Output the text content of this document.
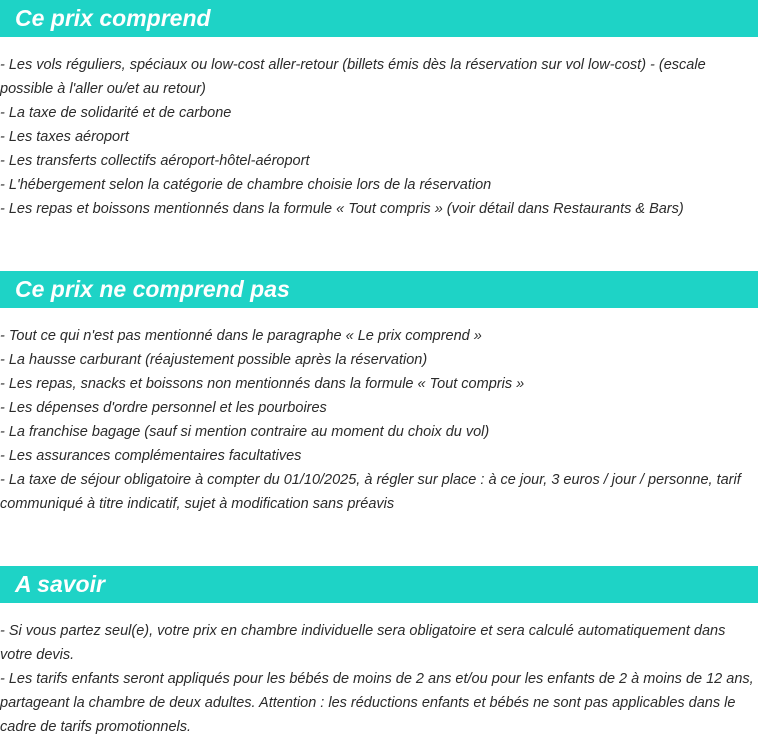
Ce prix comprend
- Les vols réguliers, spéciaux ou low-cost aller-retour (billets émis dès la réservation sur vol low-cost) - (escale possible à l'aller ou/et au retour)
- La taxe de solidarité et de carbone
- Les taxes aéroport
- Les transferts collectifs aéroport-hôtel-aéroport
- L'hébergement selon la catégorie de chambre choisie lors de la réservation
- Les repas et boissons mentionnés dans la formule « Tout compris » (voir détail dans Restaurants & Bars)
Ce prix ne comprend pas
- Tout ce qui n'est pas mentionné dans le paragraphe « Le prix comprend »
- La hausse carburant (réajustement possible après la réservation)
- Les repas, snacks et boissons non mentionnés dans la formule « Tout compris »
- Les dépenses d'ordre personnel et les pourboires
- La franchise bagage (sauf si mention contraire au moment du choix du vol)
- Les assurances complémentaires facultatives
- La taxe de séjour obligatoire à compter du 01/10/2025, à régler sur place : à ce jour, 3 euros / jour / personne, tarif communiqué à titre indicatif, sujet à modification sans préavis
A savoir
- Si vous partez seul(e), votre prix en chambre individuelle sera obligatoire et sera calculé automatiquement dans votre devis.
- Les tarifs enfants seront appliqués pour les bébés de moins de 2 ans et/ou pour les enfants de 2 à moins de 12 ans, partageant la chambre de deux adultes. Attention : les réductions enfants et bébés ne sont pas applicables dans le cadre de tarifs promotionnels.
